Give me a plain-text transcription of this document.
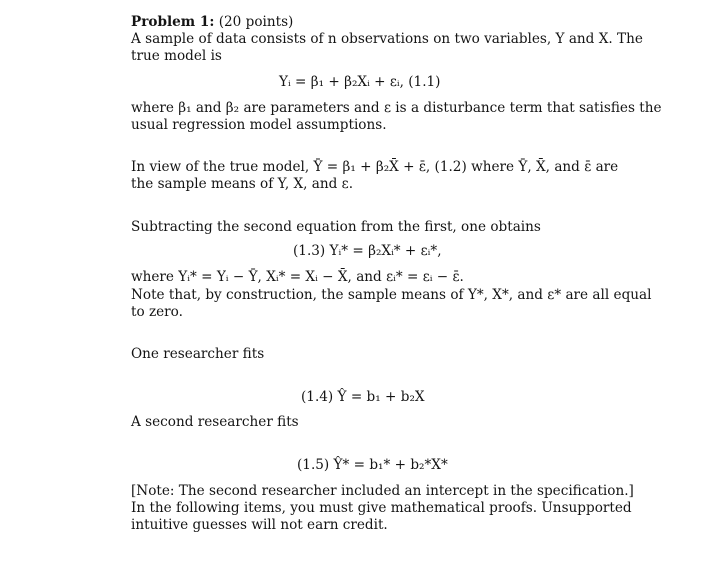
Problem 1: (20 points)
A sample of data consists of n observations on two variables, Y and X. The
true model is
Yᵢ = β₁ + β₂Xᵢ + εᵢ, (1.1)
where β₁ and β₂ are parameters and ε is a disturbance term that satisfies the
usual regression model assumptions.
In view of the true model, Ȳ = β₁ + β₂X̄ + ε̄, (1.2) where Ȳ, X̄, and ε̄ are
the sample means of Y, X, and ε.
Subtracting the second equation from the first, one obtains
(1.3) Yᵢ* = β₂Xᵢ* + εᵢ*,
where Yᵢ* = Yᵢ − Ȳ, Xᵢ* = Xᵢ − X̄, and εᵢ* = εᵢ − ε̄.
Note that, by construction, the sample means of Y*, X*, and ε* are all equal
to zero.
One researcher fits
(1.4) Ŷ = b₁ + b₂X
A second researcher fits
(1.5) Ŷ* = b₁* + b₂*X*
[Note: The second researcher included an intercept in the specification.]
In the following items, you must give mathematical proofs. Unsupported
intuitive guesses will not earn credit.
